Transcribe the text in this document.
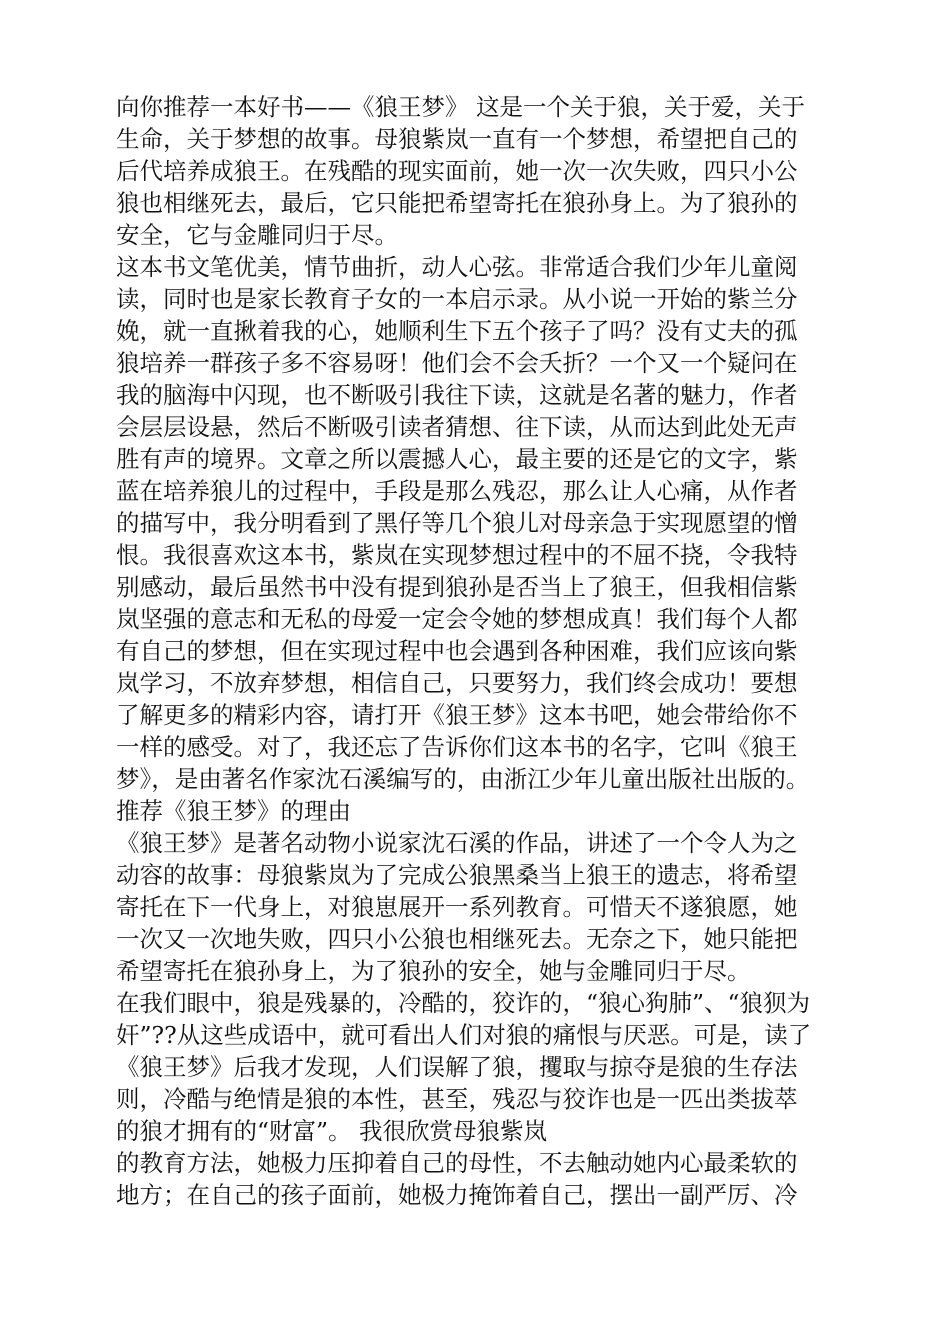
向你推荐一本好书——《狼王梦》 这是一个关于狼，关于爱，关于
生命，关于梦想的故事。母狼紫岚一直有一个梦想，希望把自己的
后代培养成狼王。在残酷的现实面前，她一次一次失败，四只小公
狼也相继死去，最后，它只能把希望寄托在狼孙身上。为了狼孙的
安全，它与金雕同归于尽。
这本书文笔优美，情节曲折，动人心弦。非常适合我们少年儿童阅
读，同时也是家长教育子女的一本启示录。从小说一开始的紫兰分
娩，就一直揪着我的心，她顺利生下五个孩子了吗？没有丈夫的孤
狼培养一群孩子多不容易呀！他们会不会夭折？一个又一个疑问在
我的脑海中闪现，也不断吸引我往下读，这就是名著的魅力，作者
会层层设悬，然后不断吸引读者猜想、往下读，从而达到此处无声
胜有声的境界。文章之所以震撼人心，最主要的还是它的文字，紫
蓝在培养狼儿的过程中，手段是那么残忍，那么让人心痛，从作者
的描写中，我分明看到了黑仔等几个狼儿对母亲急于实现愿望的憎
恨。我很喜欢这本书，紫岚在实现梦想过程中的不屈不挠，令我特
别感动，最后虽然书中没有提到狼孙是否当上了狼王，但我相信紫
岚坚强的意志和无私的母爱一定会令她的梦想成真！我们每个人都
有自己的梦想，但在实现过程中也会遇到各种困难，我们应该向紫
岚学习，不放弃梦想，相信自己，只要努力，我们终会成功！要想
了解更多的精彩内容，请打开《狼王梦》这本书吧，她会带给你不
一样的感受。对了，我还忘了告诉你们这本书的名字，它叫《狼王
梦》，是由著名作家沈石溪编写的，由浙江少年儿童出版社出版的。
推荐《狼王梦》的理由
《狼王梦》是著名动物小说家沈石溪的作品，讲述了一个令人为之
动容的故事：母狼紫岚为了完成公狼黑桑当上狼王的遗志，将希望
寄托在下一代身上，对狼崽展开一系列教育。可惜天不遂狼愿，她
一次又一次地失败，四只小公狼也相继死去。无奈之下，她只能把
希望寄托在狼孙身上，为了狼孙的安全，她与金雕同归于尽。
在我们眼中，狼是残暴的，冷酷的，狡诈的，“狼心狗肺”、“狼狈为
奸”??从这些成语中，就可看出人们对狼的痛恨与厌恶。可是，读了
《狼王梦》后我才发现，人们误解了狼，攫取与掠夺是狼的生存法
则，冷酷与绝情是狼的本性，甚至，残忍与狡诈也是一匹出类拔萃
的狼才拥有的“财富”。 我很欣赏母狼紫岚
的教育方法，她极力压抑着自己的母性，不去触动她内心最柔软的
地方；在自己的孩子面前，她极力掩饰着自己，摆出一副严厉、冷
